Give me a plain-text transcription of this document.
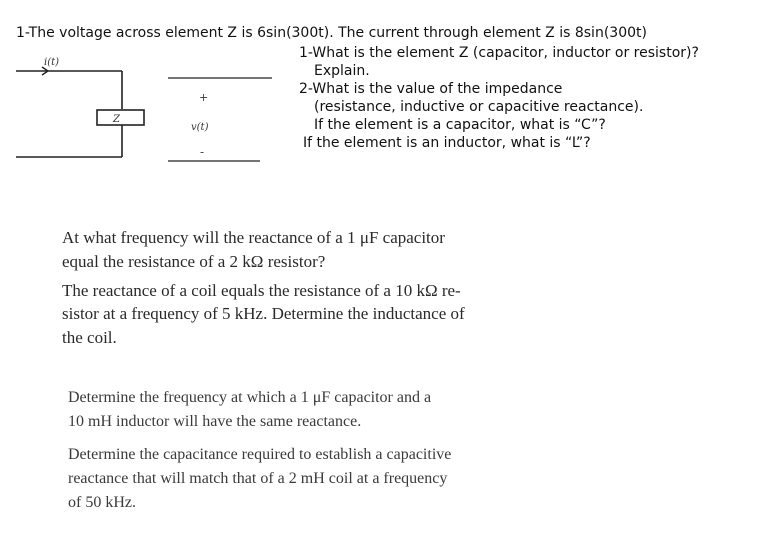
1-The voltage across element Z is 6sin(300t). The current through element Z is 8sin(300t)
1-What is the element Z (capacitor, inductor or resistor)?
Explain.
2-What is the value of the impedance
(resistance, inductive or capacitive reactance).
If the element is a capacitor, what is “C”?
If the element is an inductor, what is “L”?
i(t)
Z
+
v(t)
-
At what frequency will the reactance of a 1 μF capacitor
equal the resistance of a 2 kΩ resistor?
The reactance of a coil equals the resistance of a 10 kΩ re-
sistor at a frequency of 5 kHz. Determine the inductance of
the coil.
Determine the frequency at which a 1 μF capacitor and a
10 mH inductor will have the same reactance.
Determine the capacitance required to establish a capacitive
reactance that will match that of a 2 mH coil at a frequency
of 50 kHz.
